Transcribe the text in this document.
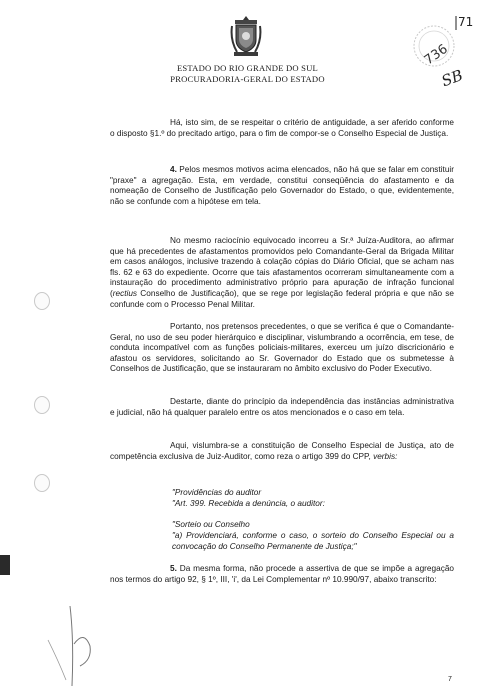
ESTADO DO RIO GRANDE DO SUL
PROCURADORIA-GERAL DO ESTADO
71
736
SB

Há, isto sim, de se respeitar o critério de antiguidade, a ser aferido conforme o disposto §1.º do precitado artigo, para o fim de compor-se o Conselho Especial de Justiça.

4. Pelos mesmos motivos acima elencados, não há que se falar em constituir "praxe" a agregação. Esta, em verdade, constitui conseqüência do afastamento e da nomeação de Conselho de Justificação pelo Governador do Estado, o que, evidentemente, não se confunde com a hipótese em tela.

No mesmo raciocínio equivocado incorreu a Sr.ª Juíza-Auditora, ao afirmar que há precedentes de afastamentos promovidos pelo Comandante-Geral da Brigada Militar em casos análogos, inclusive trazendo à colação cópias do Diário Oficial, que se acham nas fls. 62 e 63 do expediente. Ocorre que tais afastamentos ocorreram simultaneamente com a instauração do procedimento administrativo próprio para apuração de infração funcional (rectius Conselho de Justificação), que se rege por legislação federal própria e que não se confunde com o Processo Penal Militar.

Portanto, nos pretensos precedentes, o que se verifica é que o Comandante-Geral, no uso de seu poder hierárquico e disciplinar, vislumbrando a ocorrência, em tese, de conduta incompatível com as funções policiais-militares, exerceu um juízo discricionário e afastou os servidores, solicitando ao Sr. Governador do Estado que os submetesse à Conselhos de Justificação, que se instauraram no âmbito exclusivo do Poder Executivo.

Destarte, diante do princípio da independência das instâncias administrativa e judicial, não há qualquer paralelo entre os atos mencionados e o caso em tela.

Aqui, vislumbra-se a constituição de Conselho Especial de Justiça, ato de competência exclusiva de Juiz-Auditor, como reza o artigo 399 do CPP, verbis:

"Providências do auditor

"Art. 399. Recebida a denúncia, o auditor:

"Sorteio ou Conselho

"a) Providenciará, conforme o caso, o sorteio do Conselho Especial ou a convocação do Conselho Permanente de Justiça;"

5. Da mesma forma, não procede a assertiva de que se impõe a agregação nos termos do artigo 92, § 1º, III, 'i', da Lei Complementar nº 10.990/97, abaixo transcrito:

7
